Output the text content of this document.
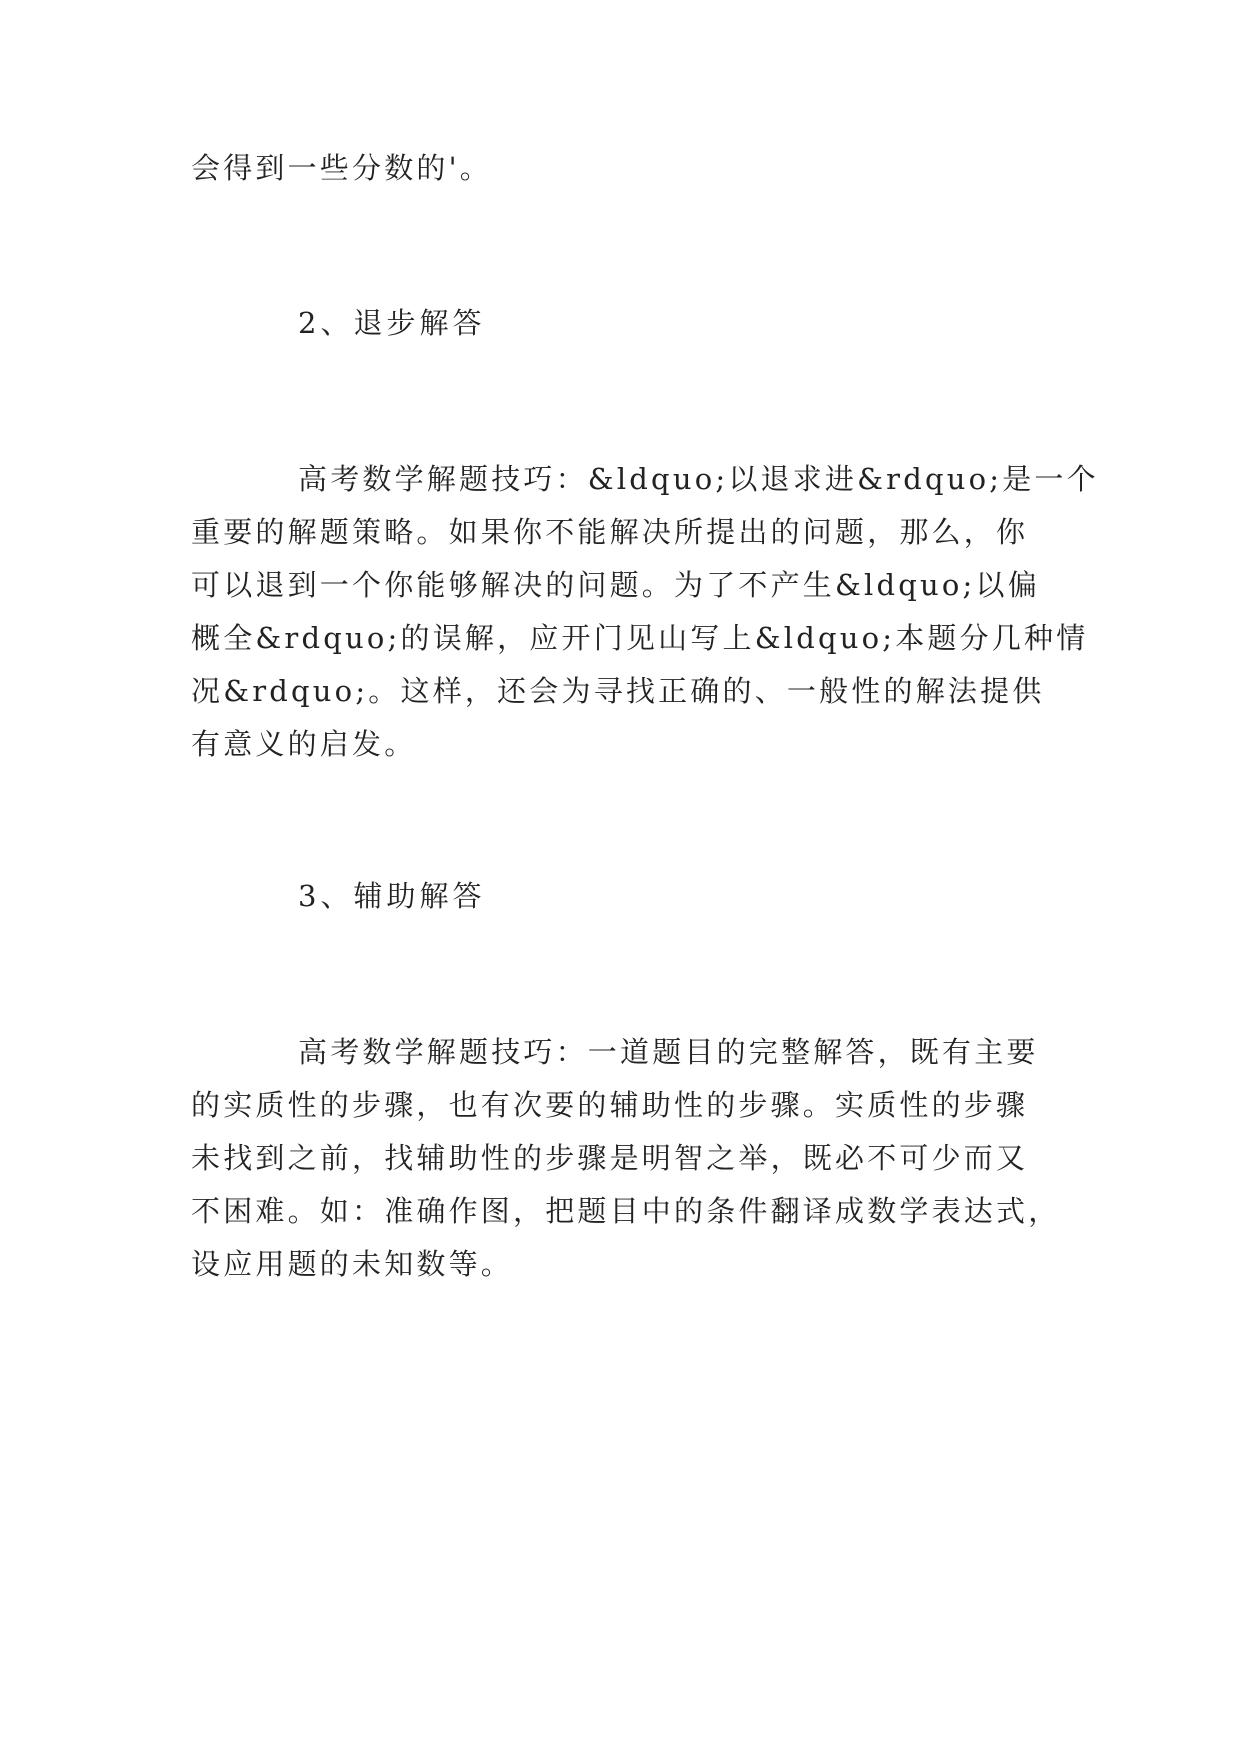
会得到一些分数的'。
2、退步解答
高考数学解题技巧：&ldquo;以退求进&rdquo;是一个
重要的解题策略。如果你不能解决所提出的问题，那么，你
可以退到一个你能够解决的问题。为了不产生&ldquo;以偏
概全&rdquo;的误解，应开门见山写上&ldquo;本题分几种情
况&rdquo;。这样，还会为寻找正确的、一般性的解法提供
有意义的启发。
3、辅助解答
高考数学解题技巧：一道题目的完整解答，既有主要
的实质性的步骤，也有次要的辅助性的步骤。实质性的步骤
未找到之前，找辅助性的步骤是明智之举，既必不可少而又
不困难。如：准确作图，把题目中的条件翻译成数学表达式，
设应用题的未知数等。
